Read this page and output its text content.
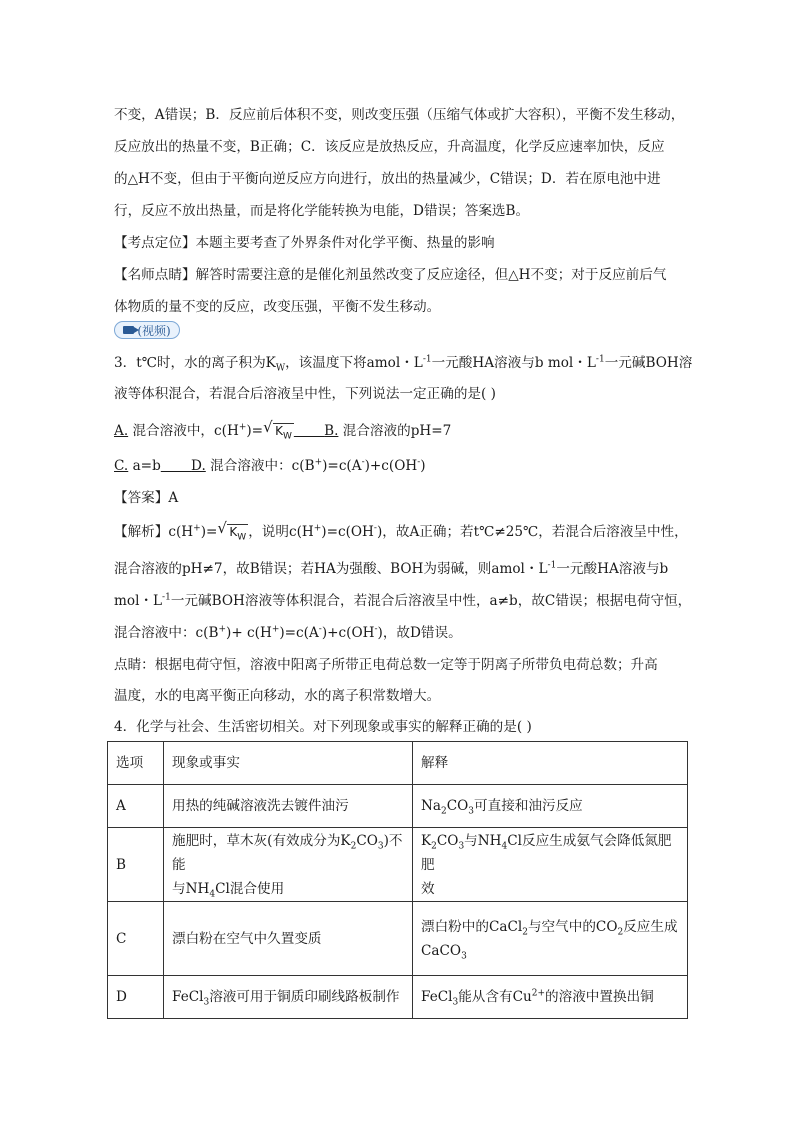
不变，A错误；B．反应前后体积不变，则改变压强（压缩气体或扩大容积），平衡不发生移动，
反应放出的热量不变，B正确；C．该反应是放热反应，升高温度，化学反应速率加快，反应
的△H不变，但由于平衡向逆反应方向进行，放出的热量减少，C错误；D．若在原电池中进
行，反应不放出热量，而是将化学能转换为电能，D错误；答案选B。
【考点定位】本题主要考查了外界条件对化学平衡、热量的影响
【名师点睛】解答时需要注意的是催化剂虽然改变了反应途径，但△H不变；对于反应前后气
体物质的量不变的反应，改变压强，平衡不发生移动。
(视频)
3．t℃时，水的离子积为$K_W$，该温度下将amol・$L^{-1}$一元酸HA溶液与b mol・$L^{-1}$一元碱BOH溶
液等体积混合，若混合后溶液呈中性，下列说法一定正确的是( )
A. 混合溶液中，c(H+)= √ $K_W$ B. 混合溶液的pH=7
C. a=b D. 混合溶液中：c(B+)=c(A-)+c(OH-)
【答案】A
【解析】c(H+)= √ $K_W$ ，说明c(H+)=c(OH-)，故A正确；若t℃≠25℃，若混合后溶液呈中性，
混合溶液的pH≠7，故B错误；若HA为强酸、BOH为弱碱，则amol・$L^{-1}$一元酸HA溶液与b
mol・$L^{-1}$一元碱BOH溶液等体积混合，若混合后溶液呈中性，a≠b，故C错误；根据电荷守恒，
混合溶液中：c(B+)+ c(H+)=c(A-)+c(OH-)，故D错误。
点睛：根据电荷守恒，溶液中阳离子所带正电荷总数一定等于阴离子所带负电荷总数；升高
温度，水的电离平衡正向移动，水的离子积常数增大。
4．化学与社会、生活密切相关。对下列现象或事实的解释正确的是( )
选项	现象或事实	解释
A	用热的纯碱溶液洗去镀件油污	$Na_2CO_3$可直接和油污反应
B	施肥时，草木灰(有效成分为$K_2CO_3$)不能
与$NH_4Cl$混合使用	$K_2CO_3$与$NH_4Cl$反应生成氨气会降低氮肥肥
效
C	漂白粉在空气中久置变质	漂白粉中的CaCl$_2$与空气中的$CO_2$反应生成
CaCO$_3$
D	FeCl$_3$溶液可用于铜质印刷线路板制作	FeCl$_3$能从含有$Cu^{2+}$的溶液中置换出铜
